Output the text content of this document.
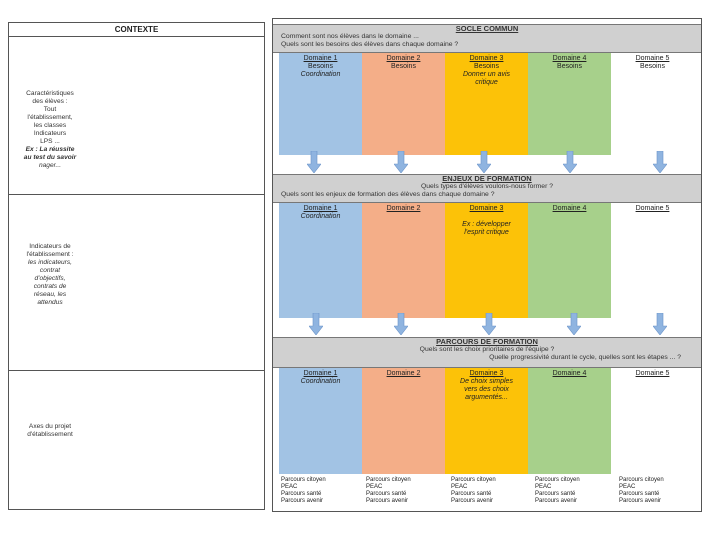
CONTEXTE
Caractéristiques
des élèves :
Tout
l'établissement,
les classes
Indicateurs
LPS ...
Ex : La réussite
au test du savoir
nager...
Indicateurs de
l'établissement :
les indicateurs,
contrat
d'objectifs,
contrats de
réseau, les
attendus
Axes du projet
d'établissement
SOCLE COMMUN
Comment sont nos élèves dans le domaine ...
Quels sont les besoins des élèves dans chaque domaine ?
Domaine 1
Besoins
Coordination
Domaine 2
Besoins
Domaine 3
Besoins
Donner un avis critique
Domaine 4
Besoins
Domaine 5
Besoins
ENJEUX DE FORMATION
Quels types d'élèves voulons-nous former ?
Quels sont les enjeux de formation des élèves dans chaque domaine ?
Domaine 1
Coordination
Domaine 2	Domaine 3
Ex : développer l'esprit critique
Domaine 4	Domaine 5
PARCOURS DE FORMATION
Quels sont les choix prioritaires de l'équipe ?
Quelle progressivité durant le cycle, quelles sont les étapes ... ?
Domaine 1
Coordination
Domaine 2	Domaine 3
De choix simples vers des choix argumentés...
Domaine 4	Domaine 5
Parcours citoyen
PEAC
Parcours santé
Parcours avenir
Parcours citoyen
PEAC
Parcours santé
Parcours avenir
Parcours citoyen
PEAC
Parcours santé
Parcours avenir
Parcours citoyen
PEAC
Parcours santé
Parcours avenir
Parcours citoyen
PEAC
Parcours santé
Parcours avenir
